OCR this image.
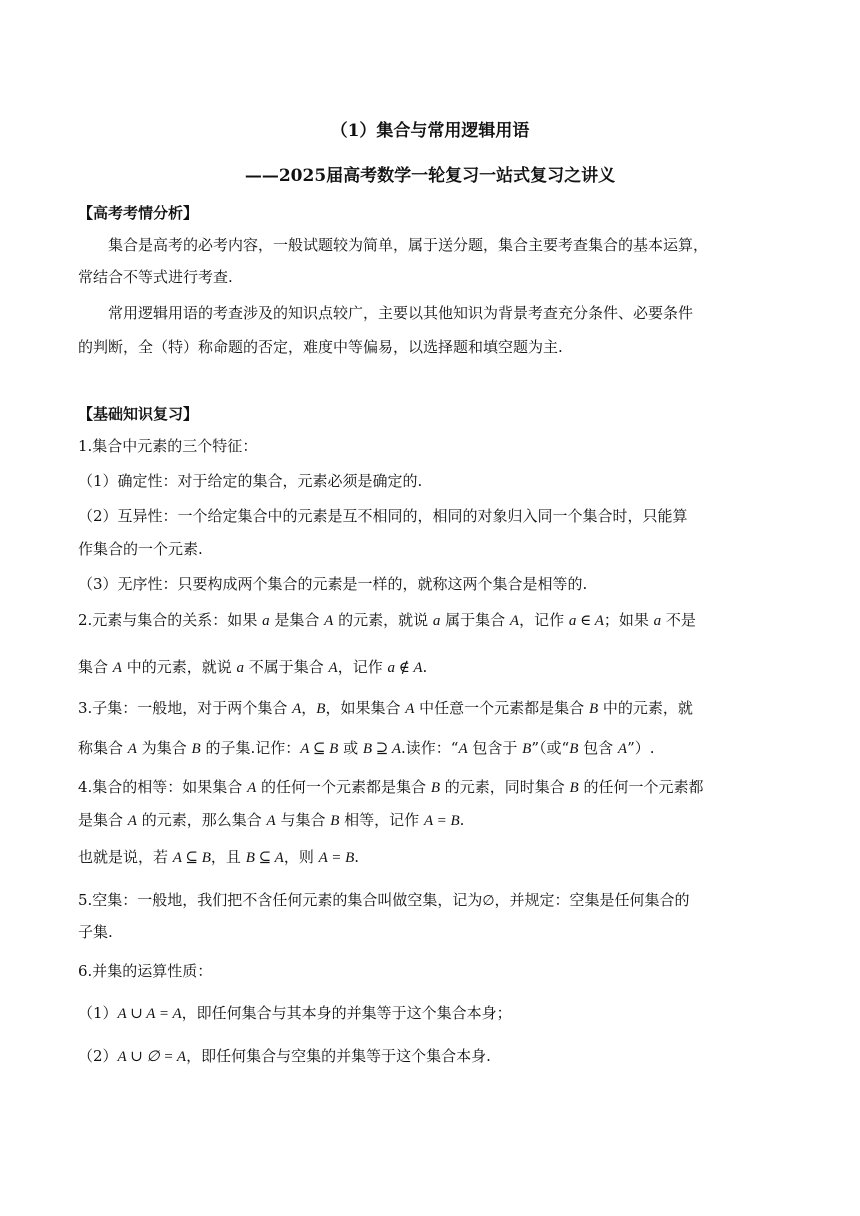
（1）集合与常用逻辑用语
——2025届高考数学一轮复习一站式复习之讲义
【高考考情分析】
集合是高考的必考内容，一般试题较为简单，属于送分题，集合主要考查集合的基本运算，
常结合不等式进行考查.
常用逻辑用语的考查涉及的知识点较广，主要以其他知识为背景考查充分条件、必要条件
的判断，全（特）称命题的否定，难度中等偏易，以选择题和填空题为主.
【基础知识复习】
1.集合中元素的三个特征：
（1）确定性：对于给定的集合，元素必须是确定的.
（2）互异性：一个给定集合中的元素是互不相同的，相同的对象归入同一个集合时，只能算
作集合的一个元素.
（3）无序性：只要构成两个集合的元素是一样的，就称这两个集合是相等的.
2.元素与集合的关系：如果 a 是集合 A 的元素，就说 a 属于集合 A，记作 a ∈ A；如果 a 不是
集合 A 中的元素，就说 a 不属于集合 A，记作 a ∉ A.
3.子集：一般地，对于两个集合 A，B，如果集合 A 中任意一个元素都是集合 B 中的元素，就
称集合 A 为集合 B 的子集.记作：A ⊆ B 或 B ⊇ A.读作：“A 包含于 B”（或“B 包含 A”）.
4.集合的相等：如果集合 A 的任何一个元素都是集合 B 的元素，同时集合 B 的任何一个元素都
是集合 A 的元素，那么集合 A 与集合 B 相等，记作 A = B.
也就是说，若 A ⊆ B，且 B ⊆ A，则 A = B.
5.空集：一般地，我们把不含任何元素的集合叫做空集，记为∅，并规定：空集是任何集合的
子集.
6.并集的运算性质：
（1）A ∪ A = A，即任何集合与其本身的并集等于这个集合本身；
（2）A ∪ ∅ = A，即任何集合与空集的并集等于这个集合本身.
